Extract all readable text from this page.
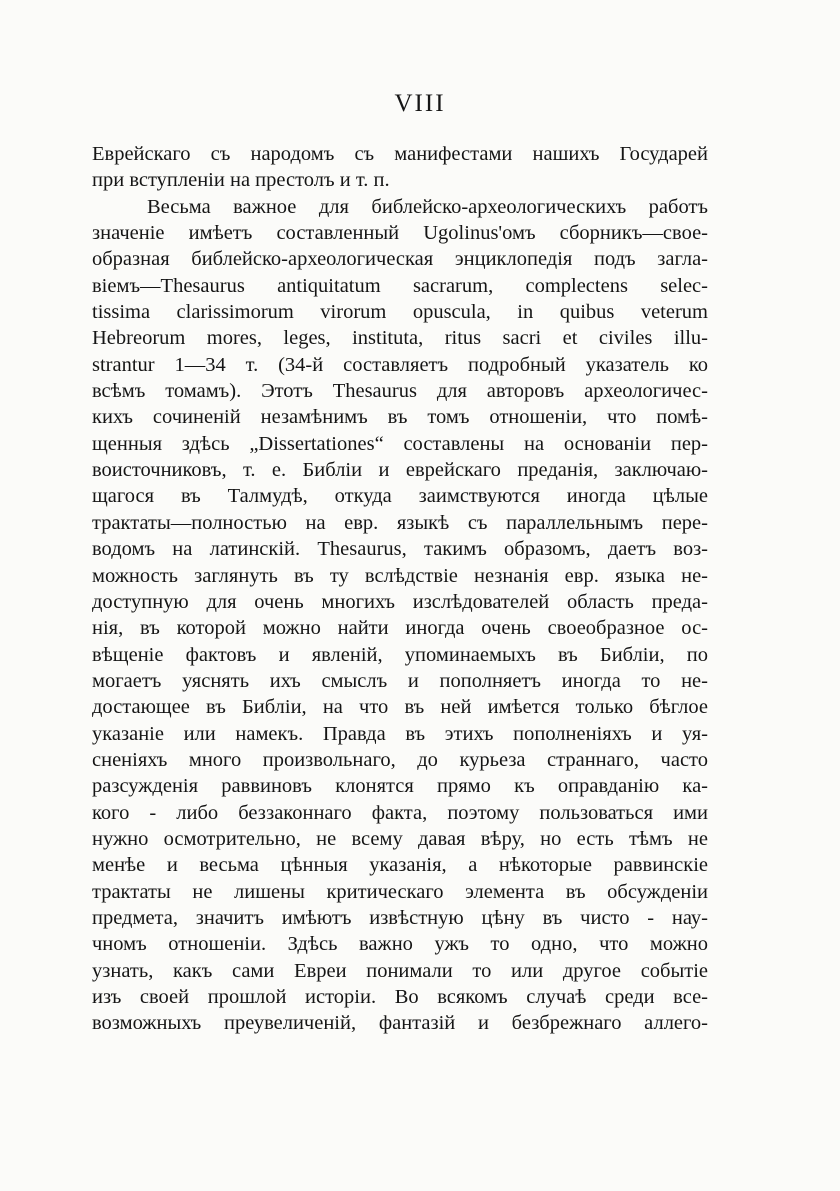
VIII
Еврейскаго съ народомъ съ манифестами нашихъ Государей
при вступленіи на престолъ и т. п.
Весьма важное для библейско-археологическихъ работъ
значеніе имѣетъ составленный Ugolinus'омъ сборникъ—свое-
образная библейско-археологическая энциклопедія подъ загла-
віемъ—Thesaurus antiquitatum sacrarum, complectens selec-
tissima clarissimorum virorum opuscula, in quibus veterum
Hebreorum mores, leges, instituta, ritus sacri et civiles illu-
strantur 1—34 т. (34-й составляетъ подробный указатель ко
всѣмъ томамъ). Этотъ Thesaurus для авторовъ археологичес-
кихъ сочиненій незамѣнимъ въ томъ отношеніи, что помѣ-
щенныя здѣсь „Dissertationes“ составлены на основаніи пер-
воисточниковъ, т. е. Библіи и еврейскаго преданія, заключаю-
щагося въ Талмудѣ, откуда заимствуются иногда цѣлые
трактаты—полностью на евр. языкѣ съ параллельнымъ пере-
водомъ на латинскій. Thesaurus, такимъ образомъ, даетъ воз-
можность заглянуть въ ту вслѣдствіе незнанія евр. языка не-
доступную для очень многихъ изслѣдователей область преда-
нія, въ которой можно найти иногда очень своеобразное ос-
вѣщеніе фактовъ и явленій, упоминаемыхъ въ Библіи, по
могаетъ уяснять ихъ смыслъ и пополняетъ иногда то не-
достающее въ Библіи, на что въ ней имѣется только бѣглое
указаніе или намекъ. Правда въ этихъ пополненіяхъ и уя-
сненіяхъ много произвольнаго, до курьеза страннаго, часто
разсужденія раввиновъ клонятся прямо къ оправданію ка-
кого - либо беззаконнаго факта, поэтому пользоваться ими
нужно осмотрительно, не всему давая вѣру, но есть тѣмъ не
менѣе и весьма цѣнныя указанія, а нѣкоторые раввинскіе
трактаты не лишены критическаго элемента въ обсужденіи
предмета, значитъ имѣютъ извѣстную цѣну въ чисто - нау-
чномъ отношеніи. Здѣсь важно ужъ то одно, что можно
узнать, какъ сами Евреи понимали то или другое событіе
изъ своей прошлой исторіи. Во всякомъ случаѣ среди все-
возможныхъ преувеличеній, фантазій и безбрежнаго аллего-
